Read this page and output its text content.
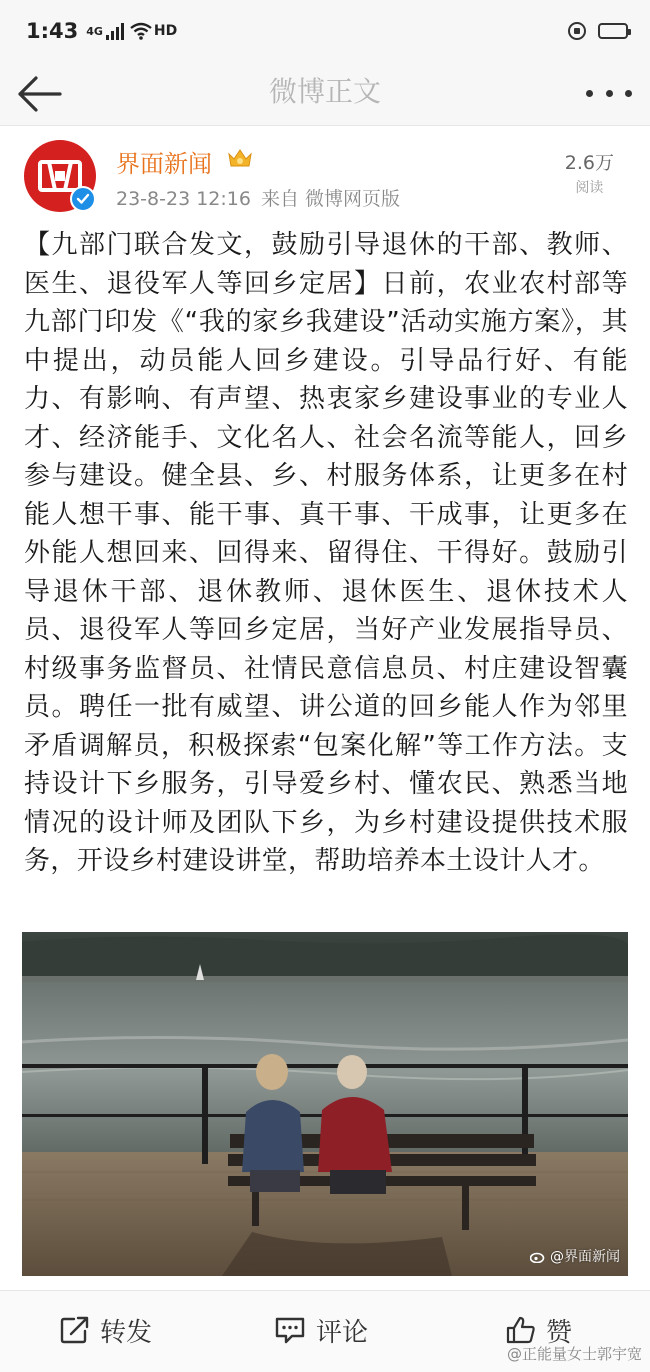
1:43 4G	HD
微博正文
界面新闻
23-8-23 12:16 来自 微博网页版
2.6万
阅读
【九部门联合发文，鼓励引导退休的干部、教师、医生、退役军人等回乡定居】日前，农业农村部等九部门印发《“我的家乡我建设”活动实施方案》，其中提出，动员能人回乡建设。引导品行好、有能力、有影响、有声望、热衷家乡建设事业的专业人才、经济能手、文化名人、社会名流等能人，回乡参与建设。健全县、乡、村服务体系，让更多在村能人想干事、能干事、真干事、干成事，让更多在外能人想回来、回得来、留得住、干得好。鼓励引导退休干部、退休教师、退休医生、退休技术人员、退役军人等回乡定居，当好产业发展指导员、村级事务监督员、社情民意信息员、村庄建设智囊员。聘任一批有威望、讲公道的回乡能人作为邻里矛盾调解员，积极探索“包案化解”等工作方法。支持设计下乡服务，引导爱乡村、懂农民、熟悉当地情况的设计师及团队下乡，为乡村建设提供技术服务，开设乡村建设讲堂，帮助培养本土设计人才。
@界面新闻
转发	评论	赞
@正能量女士郭宇宽
